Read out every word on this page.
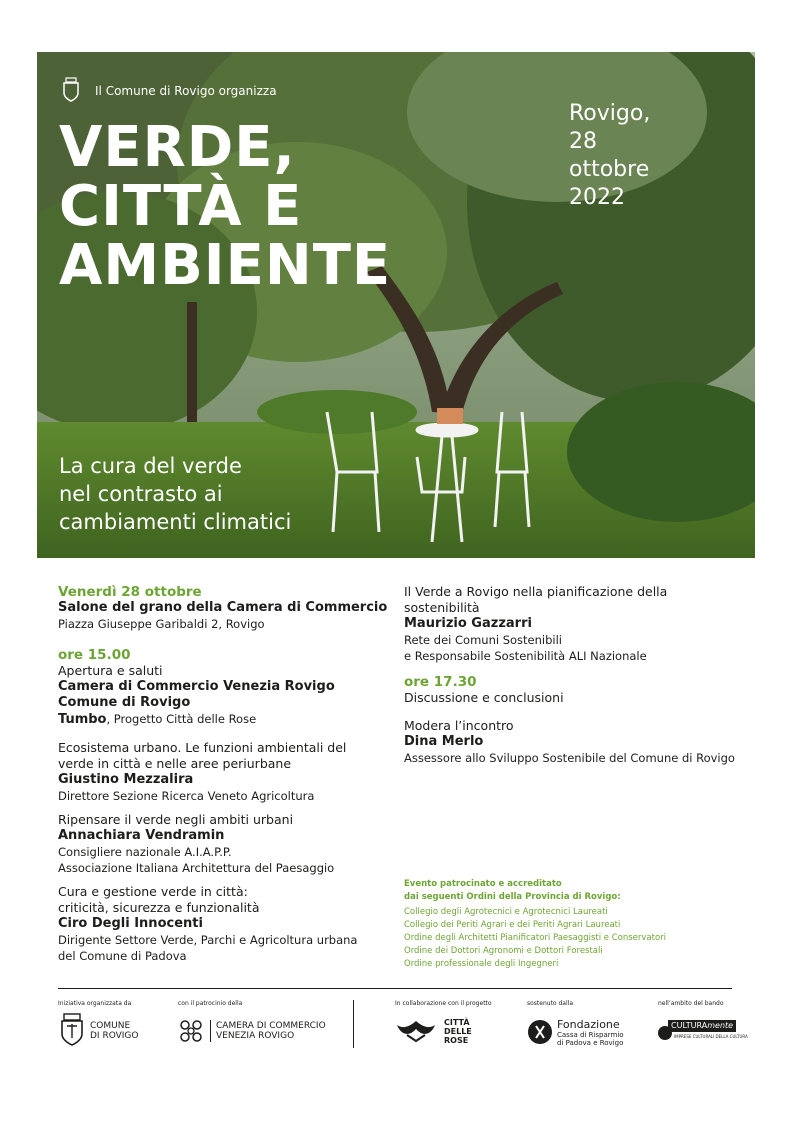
Il Comune di Rovigo organizza
VERDE,
CITTÀ E
AMBIENTE
Rovigo,
28
ottobre
2022
La cura del verde
nel contrasto ai
cambiamenti climatici
Venerdì 28 ottobre
Salone del grano della Camera di Commercio
Piazza Giuseppe Garibaldi 2, Rovigo
ore 15.00
Apertura e saluti
Camera di Commercio Venezia Rovigo
Comune di Rovigo
Tumbo, Progetto Città delle Rose
Ecosistema urbano. Le funzioni ambientali del
verde in città e nelle aree periurbane
Giustino Mezzalira
Direttore Sezione Ricerca Veneto Agricoltura
Ripensare il verde negli ambiti urbani
Annachiara Vendramin
Consigliere nazionale A.I.A.P.P.
Associazione Italiana Architettura del Paesaggio
Cura e gestione verde in città:
criticità, sicurezza e funzionalità
Ciro Degli Innocenti
Dirigente Settore Verde, Parchi e Agricoltura urbana
del Comune di Padova
Il Verde a Rovigo nella pianificazione della
sostenibilità
Maurizio Gazzarri
Rete dei Comuni Sostenibili
e Responsabile Sostenibilità ALI Nazionale
ore 17.30
Discussione e conclusioni
Modera l’incontro
Dina Merlo
Assessore allo Sviluppo Sostenibile del Comune di Rovigo
Evento patrocinato e accreditato
dai seguenti Ordini della Provincia di Rovigo:
Collegio degli Agrotecnici e Agrotecnici Laureati
Collegio dei Periti Agrari e dei Periti Agrari Laureati
Ordine degli Architetti Pianificatori Paesaggisti e Conservatori
Ordine dei Dottori Agronomi e Dottori Forestali
Ordine professionale degli Ingegneri
Iniziativa organizzata da	con il patrocinio della	In collaborazione con il progetto	sostenuto dalla	nell’ambito del bando
COMUNE
DI ROVIGO
CAMERA DI COMMERCIO
VENEZIA ROVIGO
CITTÀ
DELLE
ROSE
Fondazione
Cassa di Risparmio
di Padova e Rovigo
CULTURAmente
IMPRESE CULTURALI DELLA CULTURA
